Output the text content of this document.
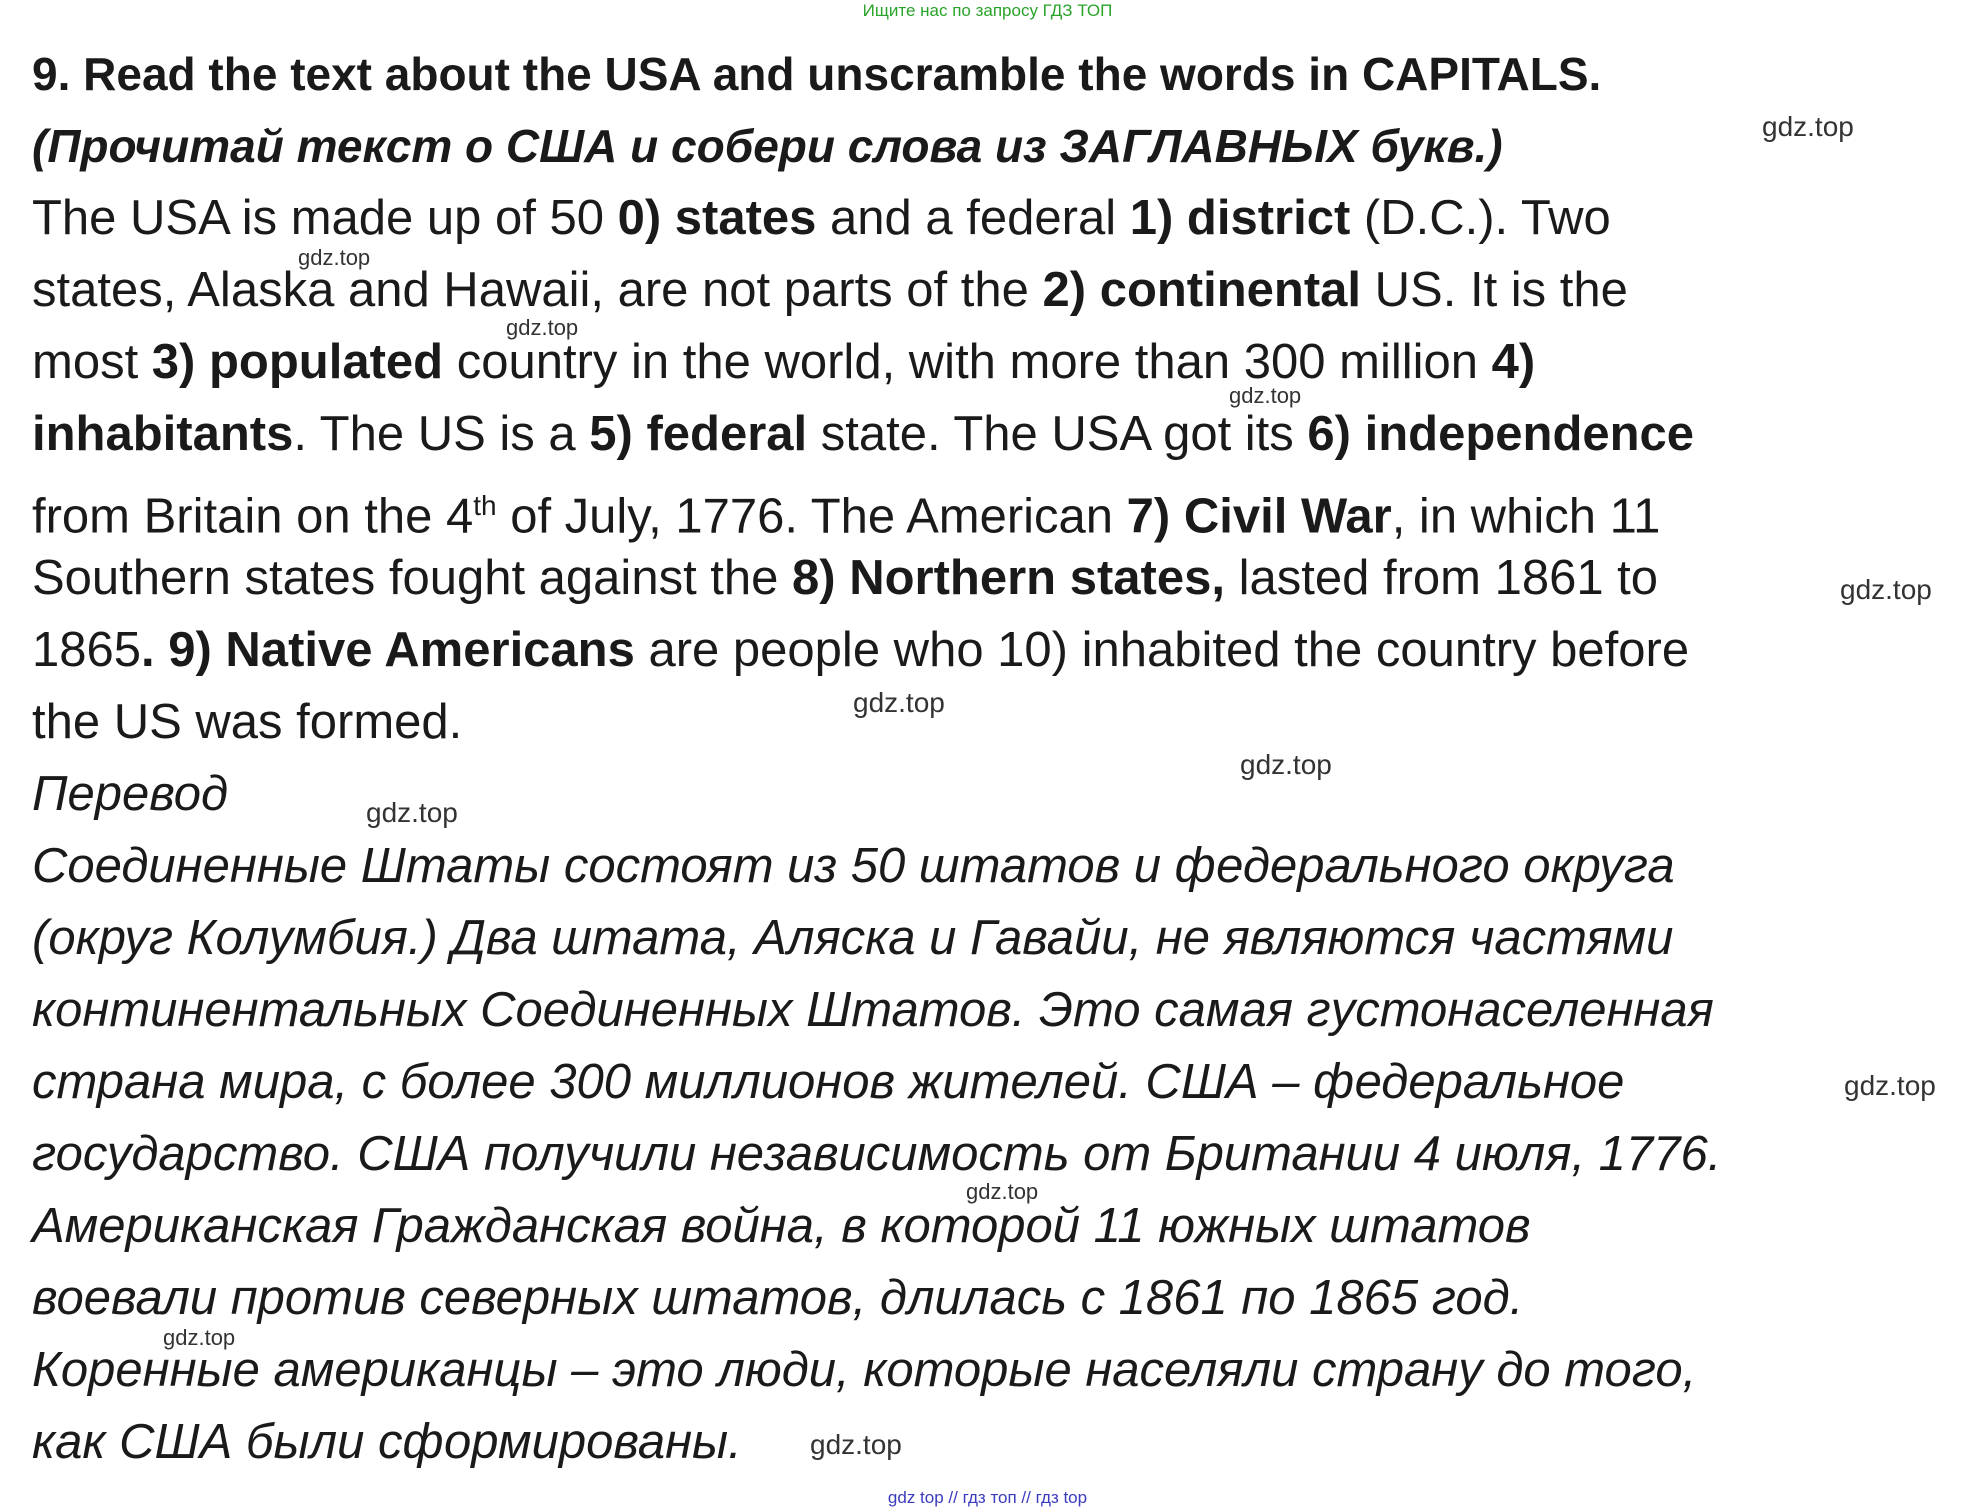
Ищите нас по запросу ГДЗ ТОП
9. Read the text about the USA and unscramble the words in CAPITALS.
(Прочитай текст о США и собери слова из ЗАГЛАВНЫХ букв.)
The USA is made up of 50 0) states and a federal 1) district (D.C.). Two
states, Alaska and Hawaii, are not parts of the 2) continental US. It is the
most 3) populated country in the world, with more than 300 million 4)
inhabitants. The US is a 5) federal state. The USA got its 6) independence
from Britain on the 4th of July, 1776. The American 7) Civil War, in which 11
Southern states fought against the 8) Northern states, lasted from 1861 to
1865. 9) Native Americans are people who 10) inhabited the country before
the US was formed.
Перевод
Соединенные Штаты состоят из 50 штатов и федерального округа
(округ Колумбия.) Два штата, Аляска и Гавайи, не являются частями
континентальных Соединенных Штатов. Это самая густонаселенная
страна мира, с более 300 миллионов жителей. США – федеральное
государство. США получили независимость от Британии 4 июля, 1776.
Американская Гражданская война, в которой 11 южных штатов
воевали против северных штатов, длилась с 1861 по 1865 год.
Коренные американцы – это люди, которые населяли страну до того,
как США были сформированы.
gdz.top
gdz.top
gdz.top
gdz.top
gdz.top
gdz.top
gdz.top
gdz.top
gdz.top
gdz.top
gdz.top
gdz.top
gdz top // гдз топ // гдз top
